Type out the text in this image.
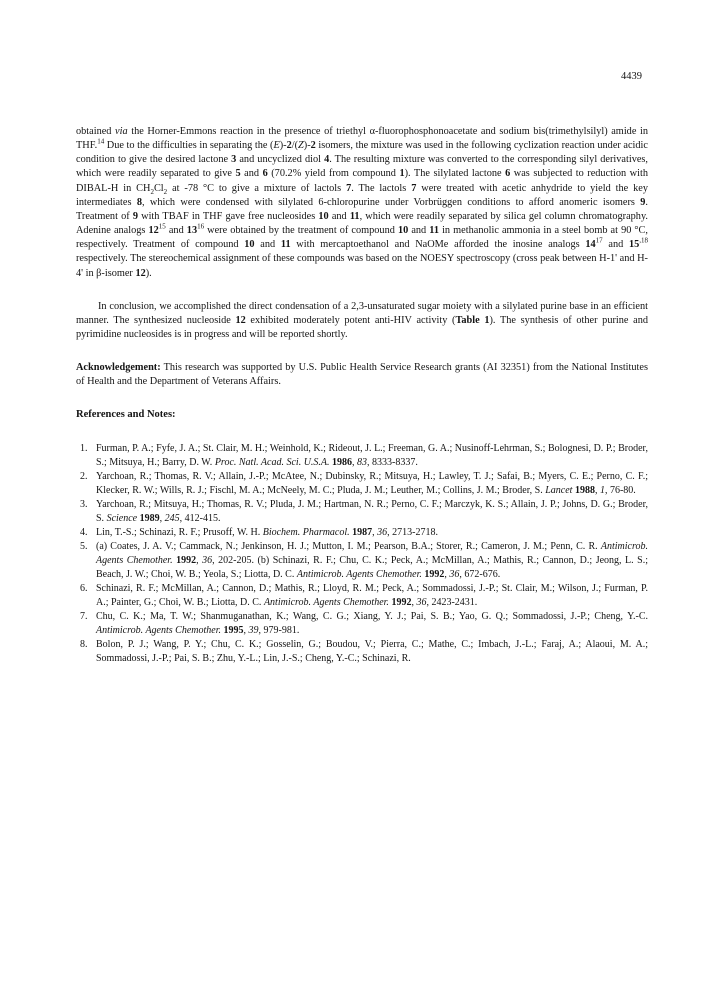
4439

obtained via the Horner-Emmons reaction in the presence of triethyl α-fluorophosphonoacetate and sodium bis(trimethylsilyl) amide in THF.$^{14}$ Due to the difficulties in separating the (E)-2/(Z)-2 isomers, the mixture was used in the following cyclization reaction under acidic condition to give the desired lactone 3 and uncyclized diol 4. The resulting mixture was converted to the corresponding silyl derivatives, which were readily separated to give 5 and 6 (70.2% yield from compound 1). The silylated lactone 6 was subjected to reduction with DIBAL-H in $CH_2Cl_2$ at -78 °C to give a mixture of lactols 7. The lactols 7 were treated with acetic anhydride to yield the key intermediates 8, which were condensed with silylated 6-chloropurine under Vorbrüggen conditions to afford anomeric isomers 9. Treatment of 9 with TBAF in THF gave free nucleosides 10 and 11, which were readily separated by silica gel column chromatography. Adenine analogs $12^{15}$ and $13^{16}$ were obtained by the treatment of compound 10 and 11 in methanolic ammonia in a steel bomb at 90 °C, respectively. Treatment of compound 10 and 11 with mercaptoethanol and NaOMe afforded the inosine analogs $14^{17}$ and $15^{,18}$ respectively. The stereochemical assignment of these compounds was based on the NOESY spectroscopy (cross peak between H-1' and H-4' in β-isomer 12).

In conclusion, we accomplished the direct condensation of a 2,3-unsaturated sugar moiety with a silylated purine base in an efficient manner. The synthesized nucleoside 12 exhibited moderately potent anti-HIV activity (Table 1). The synthesis of other purine and pyrimidine nucleosides is in progress and will be reported shortly.

Acknowledgement: This research was supported by U.S. Public Health Service Research grants (AI 32351) from the National Institutes of Health and the Department of Veterans Affairs.

References and Notes:

1. Furman, P. A.; Fyfe, J. A.; St. Clair, M. H.; Weinhold, K.; Rideout, J. L.; Freeman, G. A.; Nusinoff-Lehrman, S.; Bolognesi, D. P.; Broder, S.; Mitsuya, H.; Barry, D. W. Proc. Natl. Acad. Sci. U.S.A. 1986, 83, 8333-8337.
2. Yarchoan, R.; Thomas, R. V.; Allain, J.-P.; McAtee, N.; Dubinsky, R.; Mitsuya, H.; Lawley, T. J.; Safai, B.; Myers, C. E.; Perno, C. F.; Klecker, R. W.; Wills, R. J.; Fischl, M. A.; McNeely, M. C.; Pluda, J. M.; Leuther, M.; Collins, J. M.; Broder, S. Lancet 1988, 1, 76-80.
3. Yarchoan, R.; Mitsuya, H.; Thomas, R. V.; Pluda, J. M.; Hartman, N. R.; Perno, C. F.; Marczyk, K. S.; Allain, J. P.; Johns, D. G.; Broder, S. Science 1989, 245, 412-415.
4. Lin, T.-S.; Schinazi, R. F.; Prusoff, W. H. Biochem. Pharmacol. 1987, 36, 2713-2718.
5. (a) Coates, J. A. V.; Cammack, N.; Jenkinson, H. J.; Mutton, I. M.; Pearson, B.A.; Storer, R.; Cameron, J. M.; Penn, C. R. Antimicrob. Agents Chemother. 1992, 36, 202-205. (b) Schinazi, R. F.; Chu, C. K.; Peck, A.; McMillan, A.; Mathis, R.; Cannon, D.; Jeong, L. S.; Beach, J. W.; Choi, W. B.; Yeola, S.; Liotta, D. C. Antimicrob. Agents Chemother. 1992, 36, 672-676.
6. Schinazi, R. F.; McMillan, A.; Cannon, D.; Mathis, R.; Lloyd, R. M.; Peck, A.; Sommadossi, J.-P.; St. Clair, M.; Wilson, J.; Furman, P. A.; Painter, G.; Choi, W. B.; Liotta, D. C. Antimicrob. Agents Chemother. 1992, 36, 2423-2431.
7. Chu, C. K.; Ma, T. W.; Shanmuganathan, K.; Wang, C. G.; Xiang, Y. J.; Pai, S. B.; Yao, G. Q.; Sommadossi, J.-P.; Cheng, Y.-C. Antimicrob. Agents Chemother. 1995, 39, 979-981.
8. Bolon, P. J.; Wang, P. Y.; Chu, C. K.; Gosselin, G.; Boudou, V.; Pierra, C.; Mathe, C.; Imbach, J.-L.; Faraj, A.; Alaoui, M. A.; Sommadossi, J.-P.; Pai, S. B.; Zhu, Y.-L.; Lin, J.-S.; Cheng, Y.-C.; Schinazi, R.
